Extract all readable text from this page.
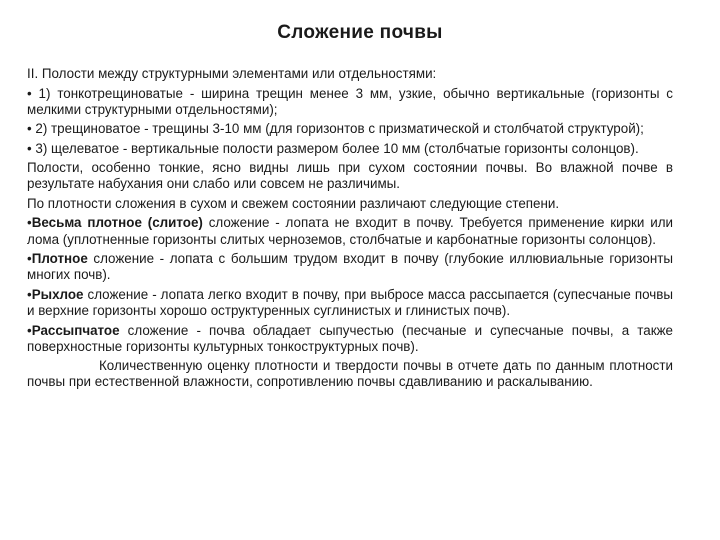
Сложение почвы

II. Полости между структурными элементами или отдельностями:

• 1) тонкотрещиноватые - ширина трещин менее 3 мм, узкие, обычно вертикальные (горизонты с мелкими структурными отдельностями);

• 2) трещиноватое - трещины 3-10 мм (для горизонтов с призматической и столбчатой структурой);

• 3) щелеватое - вертикальные полости размером более 10 мм (столбчатые горизонты солонцов).

Полости, особенно тонкие, ясно видны лишь при сухом состоянии почвы. Во влажной почве в результате набухания они слабо или совсем не различимы.

По плотности сложения в сухом и свежем состоянии различают следующие степени.

•Весьма плотное (слитое) сложение - лопата не входит в почву. Требуется применение кирки или лома (уплотненные горизонты слитых черноземов, столбчатые и карбонатные горизонты солонцов).

•Плотное сложение - лопата с большим трудом входит в почву (глубокие иллювиальные горизонты многих почв).

•Рыхлое сложение - лопата легко входит в почву, при выбросе масса рассыпается (супесчаные почвы и верхние горизонты хорошо оструктуренных суглинистых и глинистых почв).

•Рассыпчатое сложение - почва обладает сыпучестью (песчаные и супесчаные почвы, а также поверхностные горизонты культурных тонкоструктурных почв).

Количественную оценку плотности и твердости почвы в отчете дать по данным плотности почвы при естественной влажности, сопротивлению почвы сдавливанию и раскалыванию.
